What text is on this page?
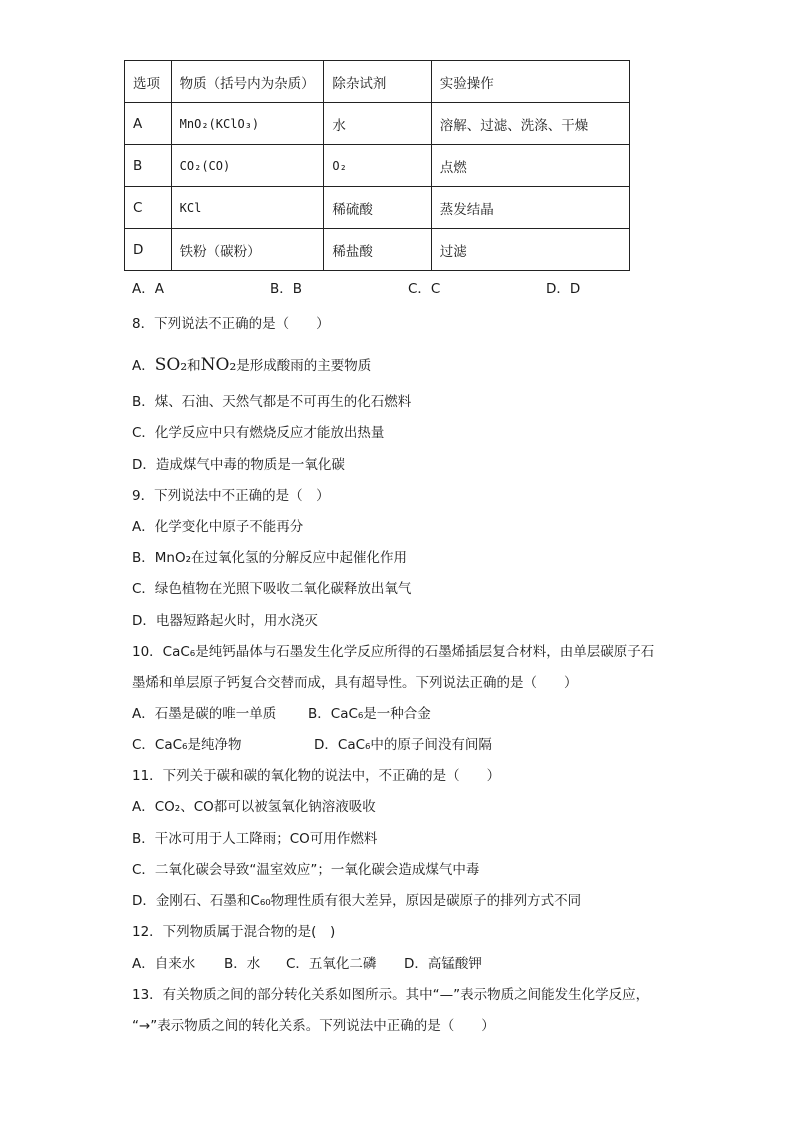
选项	物质（括号内为杂质）	除杂试剂	实验操作
A	MnO₂(KClO₃)	水	溶解、过滤、洗涤、干燥
B	CO₂(CO)	O₂	点燃
C	KCl	稀硫酸	蒸发结晶
D	铁粉（碳粉）	稀盐酸	过滤
A．A	B．B	C．C	D．D
8．下列说法不正确的是（　　）
A．SO₂和NO₂是形成酸雨的主要物质
B．煤、石油、天然气都是不可再生的化石燃料
C．化学反应中只有燃烧反应才能放出热量
D．造成煤气中毒的物质是一氧化碳
9．下列说法中不正确的是（　）
A．化学变化中原子不能再分
B．MnO₂在过氧化氢的分解反应中起催化作用
C．绿色植物在光照下吸收二氧化碳释放出氧气
D．电器短路起火时，用水浇灭
10．CaC₆是纯钙晶体与石墨发生化学反应所得的石墨烯插层复合材料，由单层碳原子石
墨烯和单层原子钙复合交替而成，具有超导性。下列说法正确的是（　　）
A．石墨是碳的唯一单质 B．CaC₆是一种合金
C．CaC₆是纯净物	D．CaC₆中的原子间没有间隔
11．下列关于碳和碳的氧化物的说法中，不正确的是（　　）
A．CO₂、CO都可以被氢氧化钠溶液吸收
B．干冰可用于人工降雨；CO可用作燃料
C．二氧化碳会导致“温室效应”；一氧化碳会造成煤气中毒
D．金刚石、石墨和C₆₀物理性质有很大差异，原因是碳原子的排列方式不同
12．下列物质属于混合物的是(　)
A．自来水 B．水 C．五氧化二磷 D．高锰酸钾
13．有关物质之间的部分转化关系如图所示。其中“—”表示物质之间能发生化学反应，
“→”表示物质之间的转化关系。下列说法中正确的是（　　）
